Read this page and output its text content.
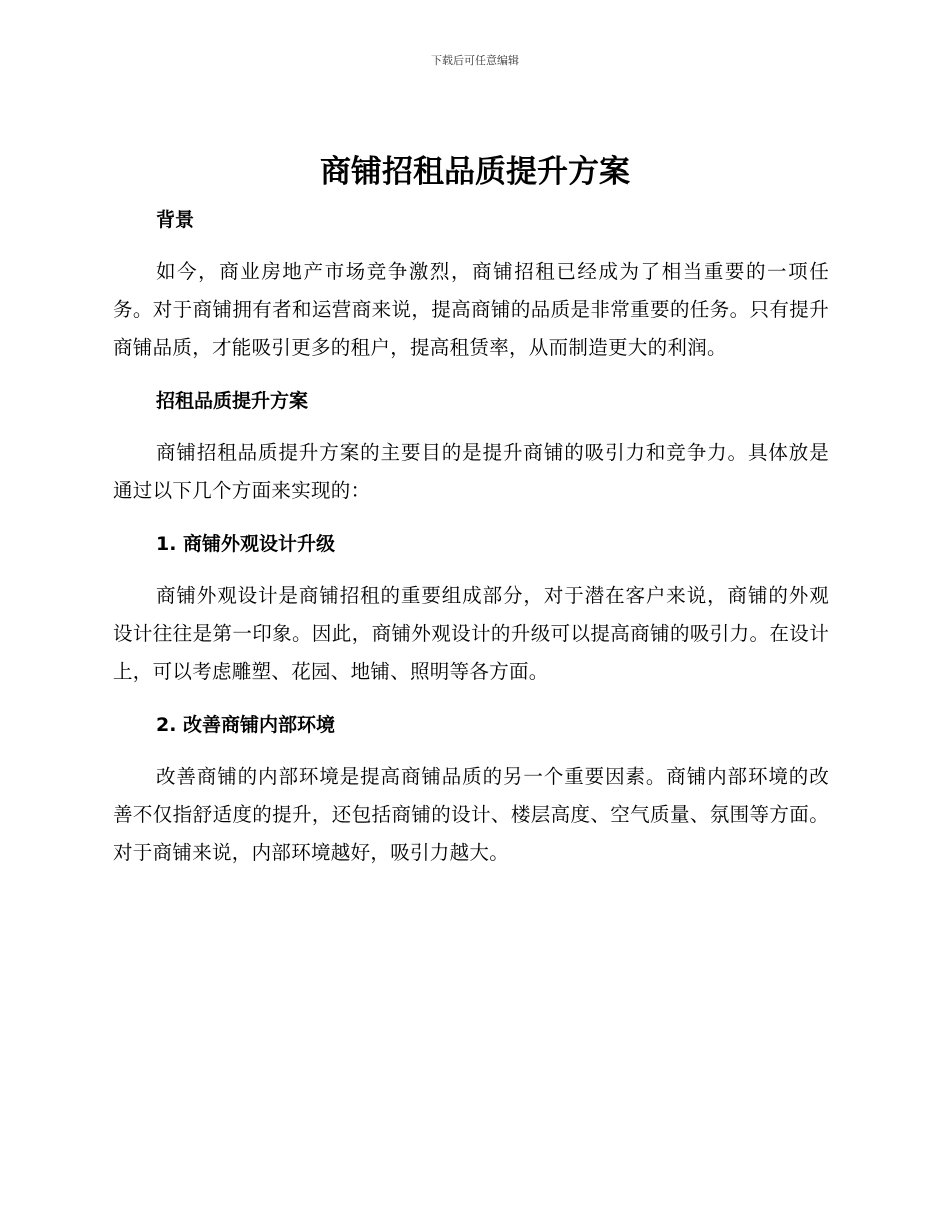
下载后可任意编辑
商铺招租品质提升方案
背景

如今，商业房地产市场竞争激烈，商铺招租已经成为了相当重要的一项任务。对于商铺拥有者和运营商来说，提高商铺的品质是非常重要的任务。只有提升商铺品质，才能吸引更多的租户，提高租赁率，从而制造更大的利润。

招租品质提升方案

商铺招租品质提升方案的主要目的是提升商铺的吸引力和竞争力。具体放是通过以下几个方面来实现的：

1. 商铺外观设计升级

商铺外观设计是商铺招租的重要组成部分，对于潜在客户来说，商铺的外观设计往往是第一印象。因此，商铺外观设计的升级可以提高商铺的吸引力。在设计上，可以考虑雕塑、花园、地铺、照明等各方面。

2. 改善商铺内部环境

改善商铺的内部环境是提高商铺品质的另一个重要因素。商铺内部环境的改善不仅指舒适度的提升，还包括商铺的设计、楼层高度、空气质量、氛围等方面。对于商铺来说，内部环境越好，吸引力越大。
